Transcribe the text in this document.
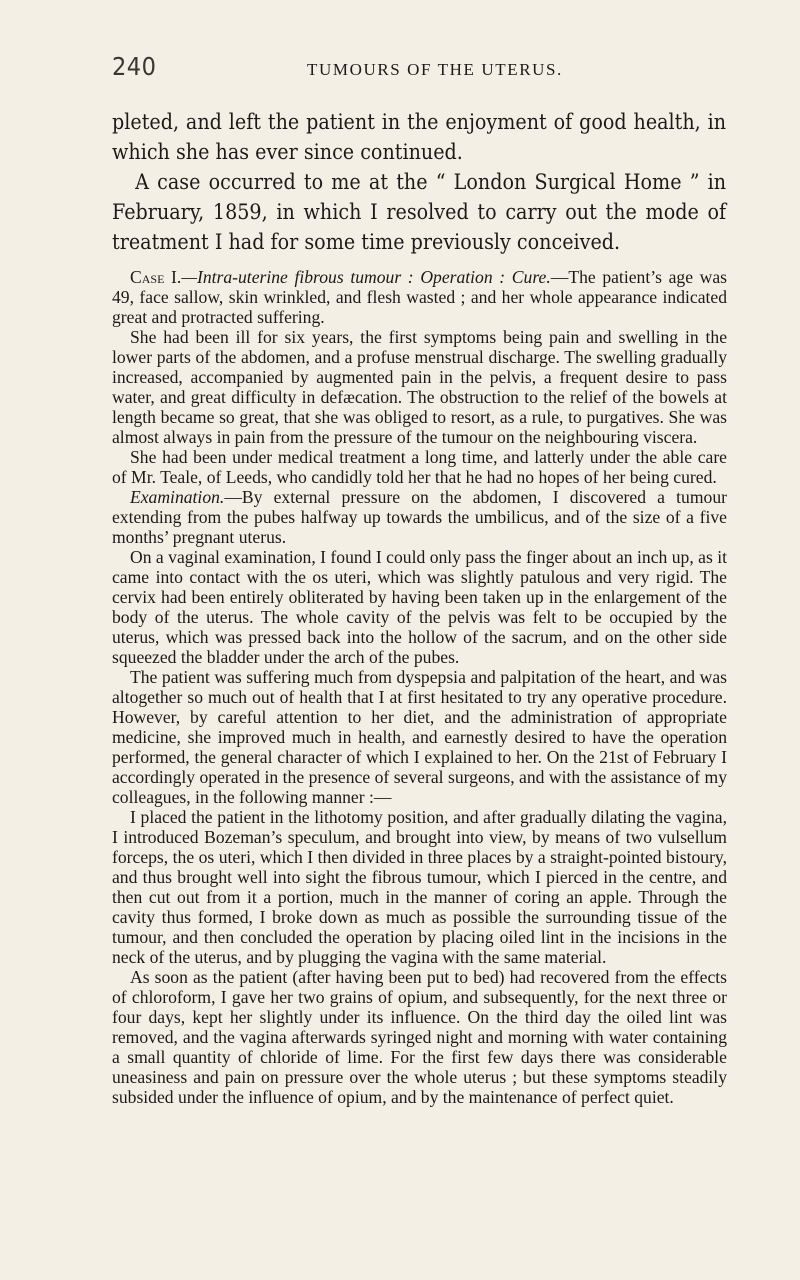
240	TUMOURS OF THE UTERUS.

pleted, and left the patient in the enjoyment of good health, in which she has ever since continued.

A case occurred to me at the “ London Surgical Home ” in February, 1859, in which I resolved to carry out the mode of treatment I had for some time previously conceived.

Case I.—Intra-uterine fibrous tumour : Operation : Cure.—The patient’s age was 49, face sallow, skin wrinkled, and flesh wasted ; and her whole appearance indicated great and protracted suffering.

She had been ill for six years, the first symptoms being pain and swelling in the lower parts of the abdomen, and a profuse menstrual discharge. The swelling gradually increased, accompanied by augmented pain in the pelvis, a frequent desire to pass water, and great difficulty in defæcation. The obstruction to the relief of the bowels at length became so great, that she was obliged to resort, as a rule, to purgatives. She was almost always in pain from the pressure of the tumour on the neighbouring viscera.

She had been under medical treatment a long time, and latterly under the able care of Mr. Teale, of Leeds, who candidly told her that he had no hopes of her being cured.

Examination.—By external pressure on the abdomen, I discovered a tumour extending from the pubes halfway up towards the umbilicus, and of the size of a five months’ pregnant uterus.

On a vaginal examination, I found I could only pass the finger about an inch up, as it came into contact with the os uteri, which was slightly patulous and very rigid. The cervix had been entirely obliterated by having been taken up in the enlargement of the body of the uterus. The whole cavity of the pelvis was felt to be occupied by the uterus, which was pressed back into the hollow of the sacrum, and on the other side squeezed the bladder under the arch of the pubes.

The patient was suffering much from dyspepsia and palpitation of the heart, and was altogether so much out of health that I at first hesitated to try any operative procedure. However, by careful attention to her diet, and the administration of appropriate medicine, she improved much in health, and earnestly desired to have the operation performed, the general character of which I explained to her. On the 21st of February I accordingly operated in the presence of several surgeons, and with the assistance of my colleagues, in the following manner :—

I placed the patient in the lithotomy position, and after gradually dilating the vagina, I introduced Bozeman’s speculum, and brought into view, by means of two vulsellum forceps, the os uteri, which I then divided in three places by a straight-pointed bistoury, and thus brought well into sight the fibrous tumour, which I pierced in the centre, and then cut out from it a portion, much in the manner of coring an apple. Through the cavity thus formed, I broke down as much as possible the surrounding tissue of the tumour, and then concluded the operation by placing oiled lint in the incisions in the neck of the uterus, and by plugging the vagina with the same material.

As soon as the patient (after having been put to bed) had recovered from the effects of chloroform, I gave her two grains of opium, and subsequently, for the next three or four days, kept her slightly under its influence. On the third day the oiled lint was removed, and the vagina afterwards syringed night and morning with water containing a small quantity of chloride of lime. For the first few days there was considerable uneasiness and pain on pressure over the whole uterus ; but these symptoms steadily subsided under the influence of opium, and by the maintenance of perfect quiet.
